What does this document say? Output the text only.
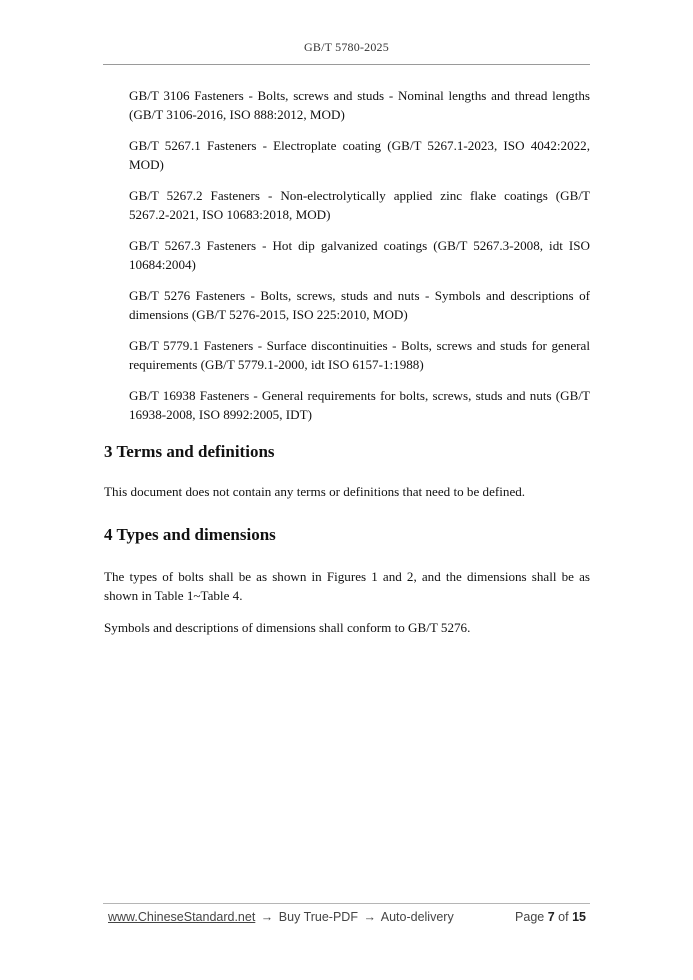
GB/T 5780-2025

GB/T 3106 Fasteners - Bolts, screws and studs - Nominal lengths and thread lengths (GB/T 3106-2016, ISO 888:2012, MOD)

GB/T 5267.1 Fasteners - Electroplate coating (GB/T 5267.1-2023, ISO 4042:2022, MOD)

GB/T 5267.2 Fasteners - Non-electrolytically applied zinc flake coatings (GB/T 5267.2-2021, ISO 10683:2018, MOD)

GB/T 5267.3 Fasteners - Hot dip galvanized coatings (GB/T 5267.3-2008, idt ISO 10684:2004)

GB/T 5276 Fasteners - Bolts, screws, studs and nuts - Symbols and descriptions of dimensions (GB/T 5276-2015, ISO 225:2010, MOD)

GB/T 5779.1 Fasteners - Surface discontinuities - Bolts, screws and studs for general requirements (GB/T 5779.1-2000, idt ISO 6157-1:1988)

GB/T 16938 Fasteners - General requirements for bolts, screws, studs and nuts (GB/T 16938-2008, ISO 8992:2005, IDT)

3 Terms and definitions

This document does not contain any terms or definitions that need to be defined.

4 Types and dimensions

The types of bolts shall be as shown in Figures 1 and 2, and the dimensions shall be as shown in Table 1~Table 4.

Symbols and descriptions of dimensions shall conform to GB/T 5276.

www.ChineseStandard.net → Buy True-PDF → Auto-delivery	Page 7 of 15
